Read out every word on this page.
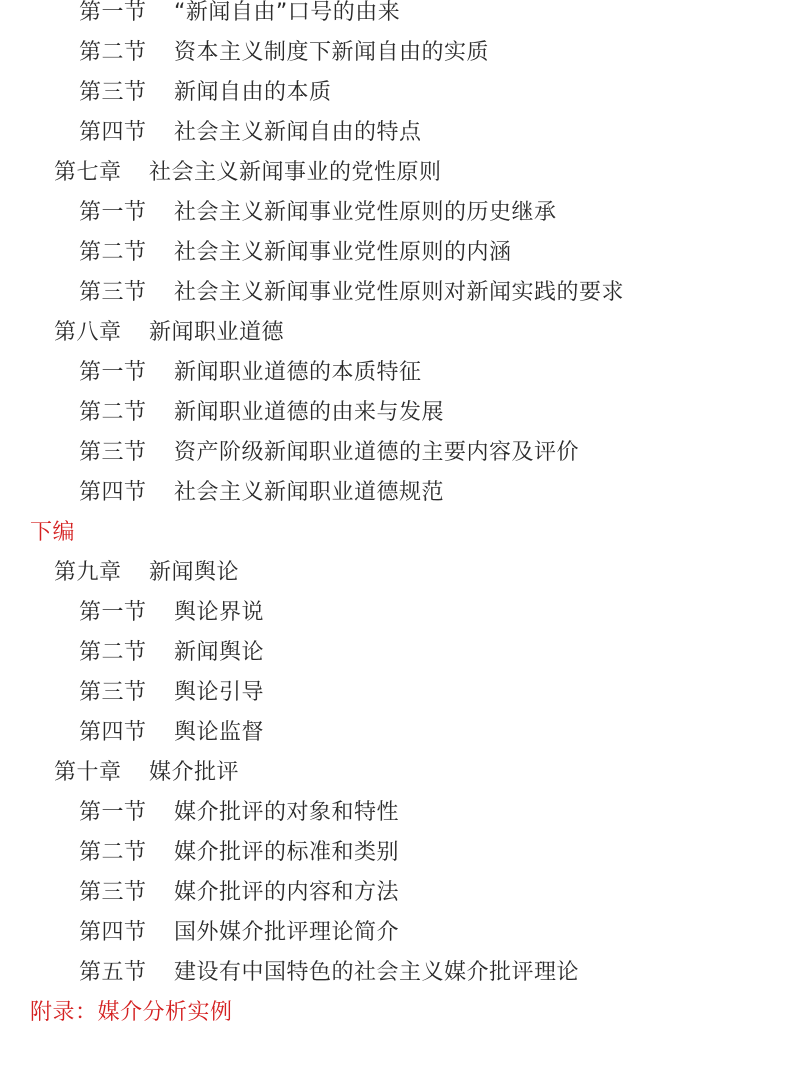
第一节 “新闻自由”口号的由来
第二节 资本主义制度下新闻自由的实质
第三节 新闻自由的本质
第四节 社会主义新闻自由的特点
第七章 社会主义新闻事业的党性原则
第一节 社会主义新闻事业党性原则的历史继承
第二节 社会主义新闻事业党性原则的内涵
第三节 社会主义新闻事业党性原则对新闻实践的要求
第八章 新闻职业道德
第一节 新闻职业道德的本质特征
第二节 新闻职业道德的由来与发展
第三节 资产阶级新闻职业道德的主要内容及评价
第四节 社会主义新闻职业道德规范
下编
第九章 新闻舆论
第一节 舆论界说
第二节 新闻舆论
第三节 舆论引导
第四节 舆论监督
第十章 媒介批评
第一节 媒介批评的对象和特性
第二节 媒介批评的标准和类别
第三节 媒介批评的内容和方法
第四节 国外媒介批评理论简介
第五节 建设有中国特色的社会主义媒介批评理论
附录：媒介分析实例
